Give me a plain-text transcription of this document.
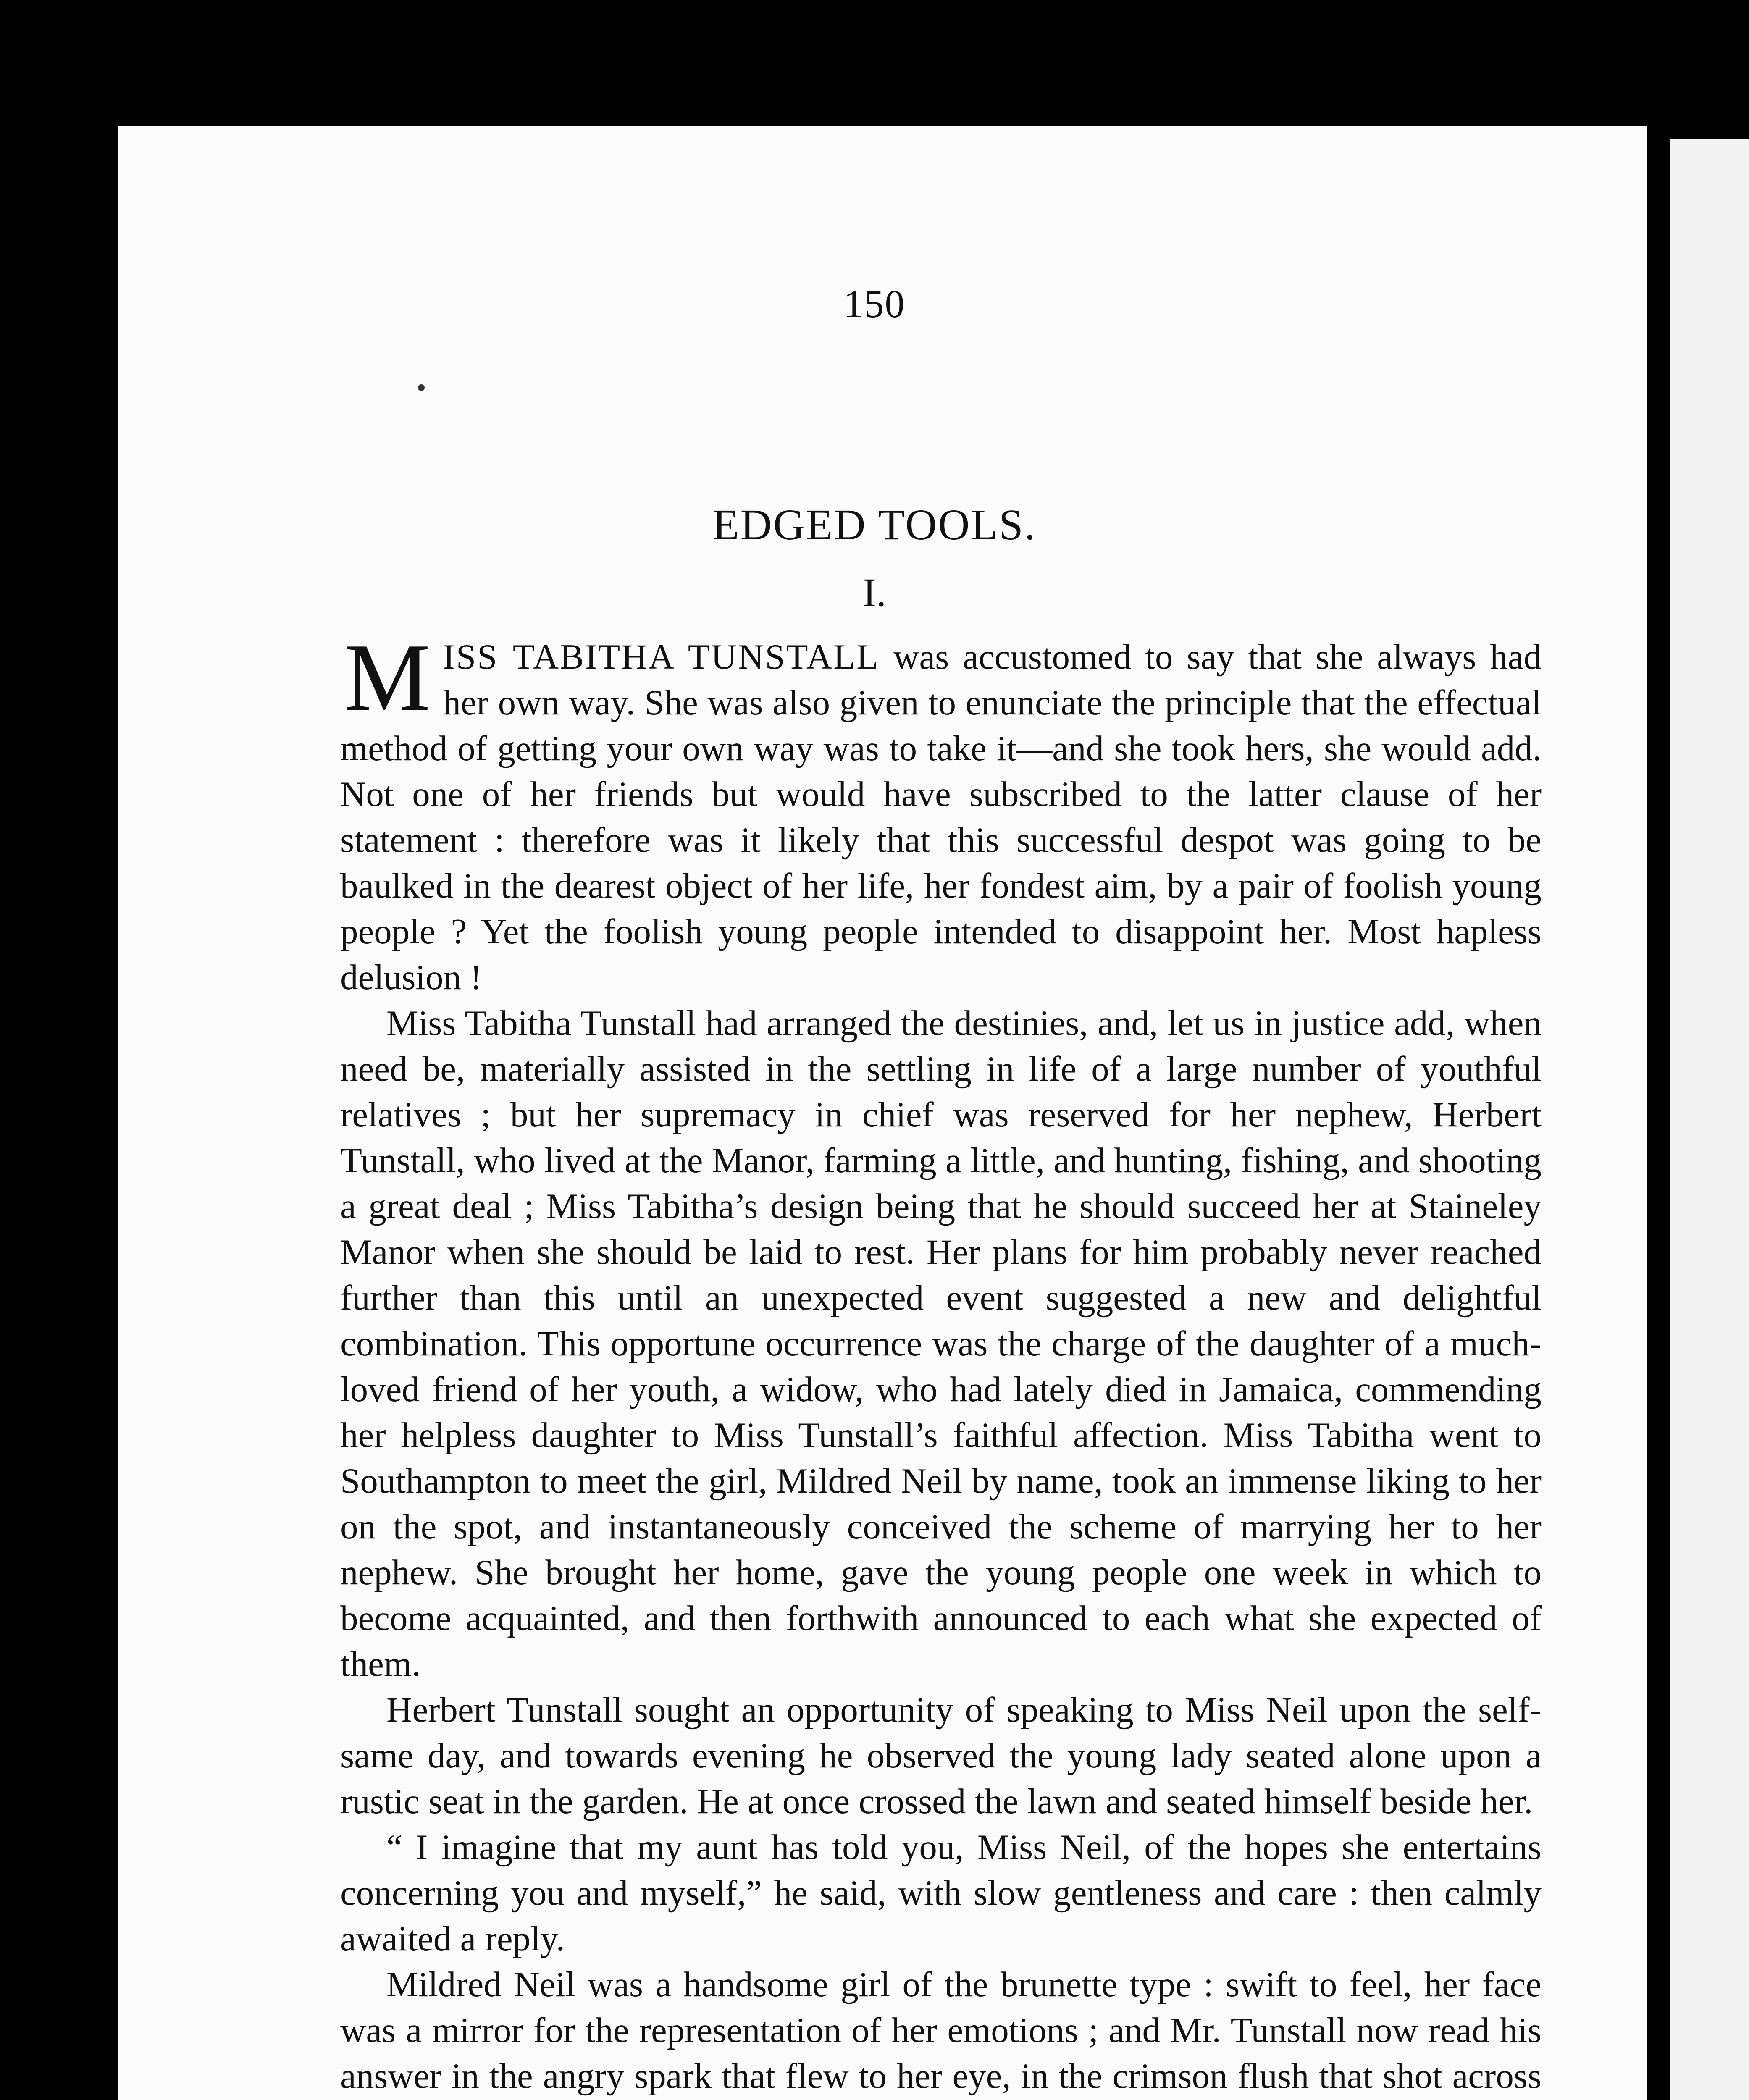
150
EDGED TOOLS.
I.

MISS TABITHA TUNSTALL was accustomed to say that she always had her own way. She was also given to enunciate the principle that the effectual method of getting your own way was to take it—and she took hers, she would add. Not one of her friends but would have subscribed to the latter clause of her statement : therefore was it likely that this successful despot was going to be baulked in the dearest object of her life, her fondest aim, by a pair of foolish young people ? Yet the foolish young people intended to disappoint her. Most hapless delusion !

Miss Tabitha Tunstall had arranged the destinies, and, let us in justice add, when need be, materially assisted in the settling in life of a large number of youthful relatives ; but her supremacy in chief was reserved for her nephew, Herbert Tunstall, who lived at the Manor, farming a little, and hunting, fishing, and shooting a great deal ; Miss Tabitha’s design being that he should succeed her at Staineley Manor when she should be laid to rest. Her plans for him probably never reached further than this until an unexpected event suggested a new and delightful combination. This opportune occurrence was the charge of the daughter of a much-loved friend of her youth, a widow, who had lately died in Jamaica, commending her helpless daughter to Miss Tunstall’s faithful affection. Miss Tabitha went to Southampton to meet the girl, Mildred Neil by name, took an immense liking to her on the spot, and instantaneously conceived the scheme of marrying her to her nephew. She brought her home, gave the young people one week in which to become acquainted, and then forthwith announced to each what she expected of them.

Herbert Tunstall sought an opportunity of speaking to Miss Neil upon the self-same day, and towards evening he observed the young lady seated alone upon a rustic seat in the garden. He at once crossed the lawn and seated himself beside her.

“ I imagine that my aunt has told you, Miss Neil, of the hopes she entertains concerning you and myself,” he said, with slow gentleness and care : then calmly awaited a reply.

Mildred Neil was a handsome girl of the brunette type : swift to feel, her face was a mirror for the representation of her emotions ; and Mr. Tunstall now read his answer in the angry spark that flew to her eye, in the crimson flush that shot across
